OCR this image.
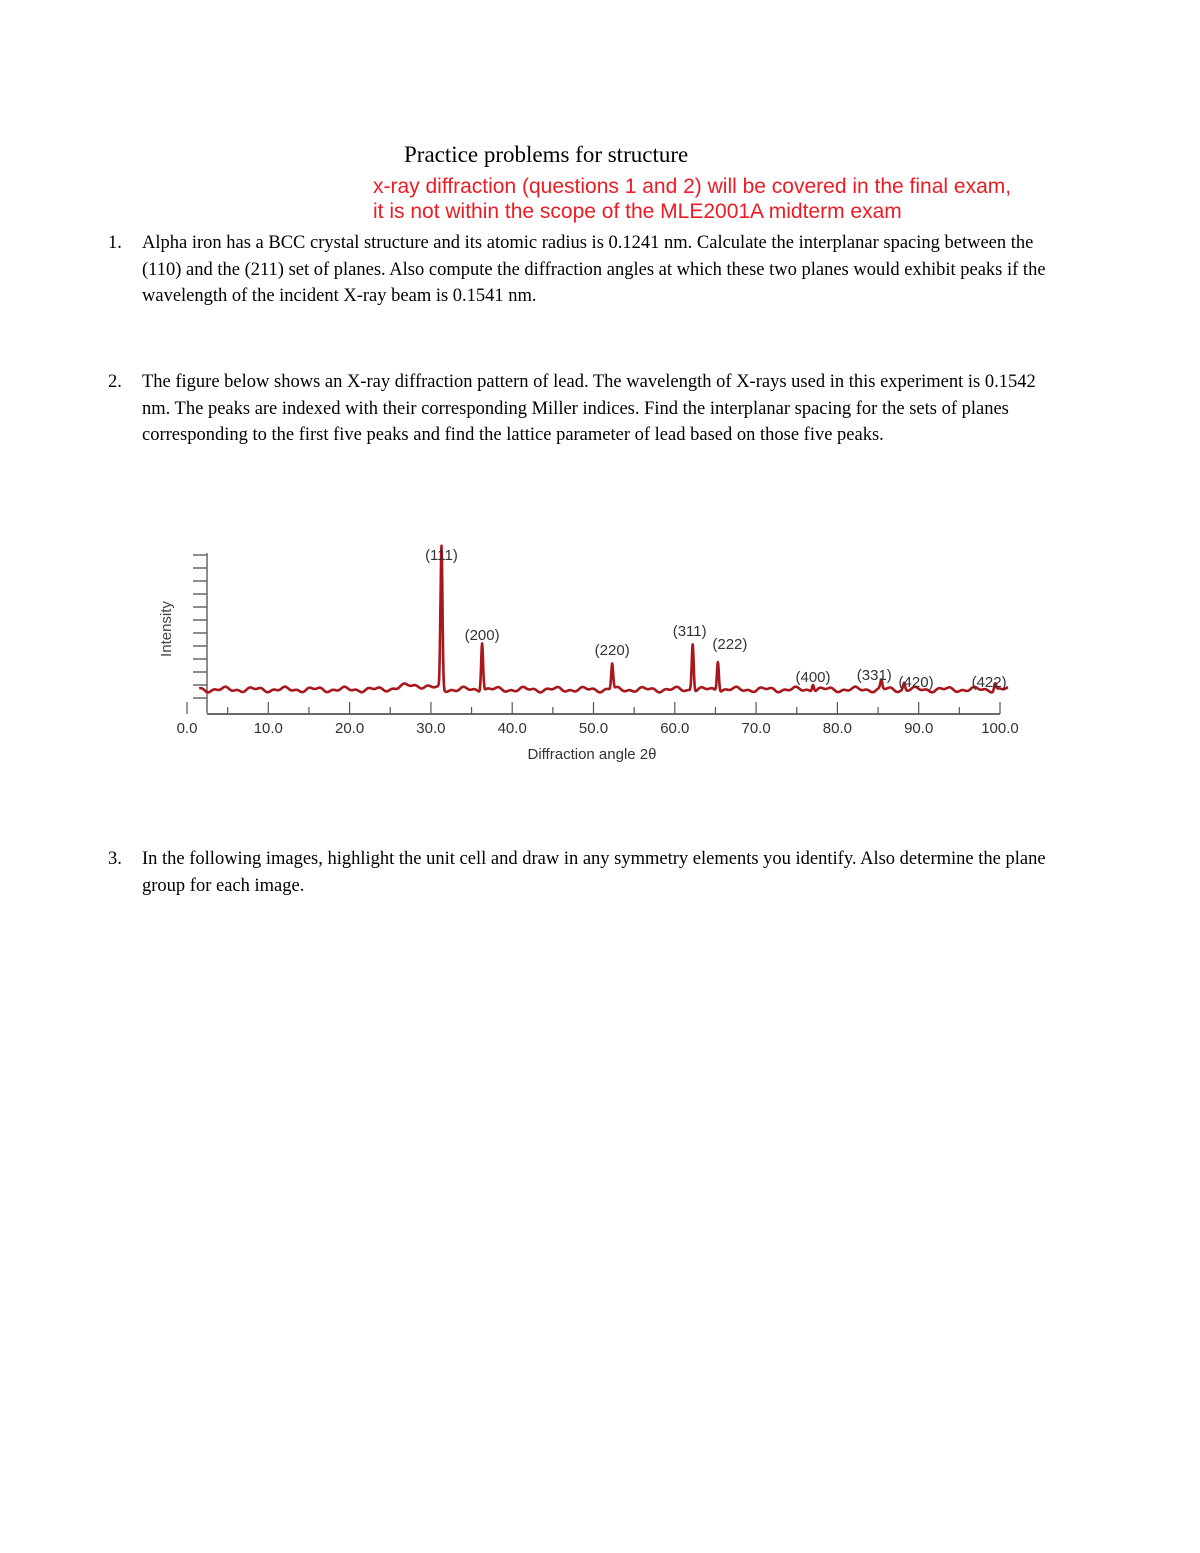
Practice problems for structure
x-ray diffraction (questions 1 and 2) will be covered in the final exam,
it is not within the scope of the MLE2001A midterm exam
1. Alpha iron has a BCC crystal structure and its atomic radius is 0.1241 nm. Calculate the interplanar spacing between the (110) and the (211) set of planes. Also compute the diffraction angles at which these two planes would exhibit peaks if the wavelength of the incident X-ray beam is 0.1541 nm.
2. The figure below shows an X-ray diffraction pattern of lead. The wavelength of X-rays used in this experiment is 0.1542 nm. The peaks are indexed with their corresponding Miller indices. Find the interplanar spacing for the sets of planes corresponding to the first five peaks and find the lattice parameter of lead based on those five peaks.
0.0	10.0	20.0	30.0	40.0	50.0	60.0	70.0	80.0	90.0	100.0
(111)
(200)
(220)
(311)
(222)
(400) (331) (420)	(422)
Intensity
Diffraction angle 2θ
3. In the following images, highlight the unit cell and draw in any symmetry elements you identify. Also determine the plane group for each image.
